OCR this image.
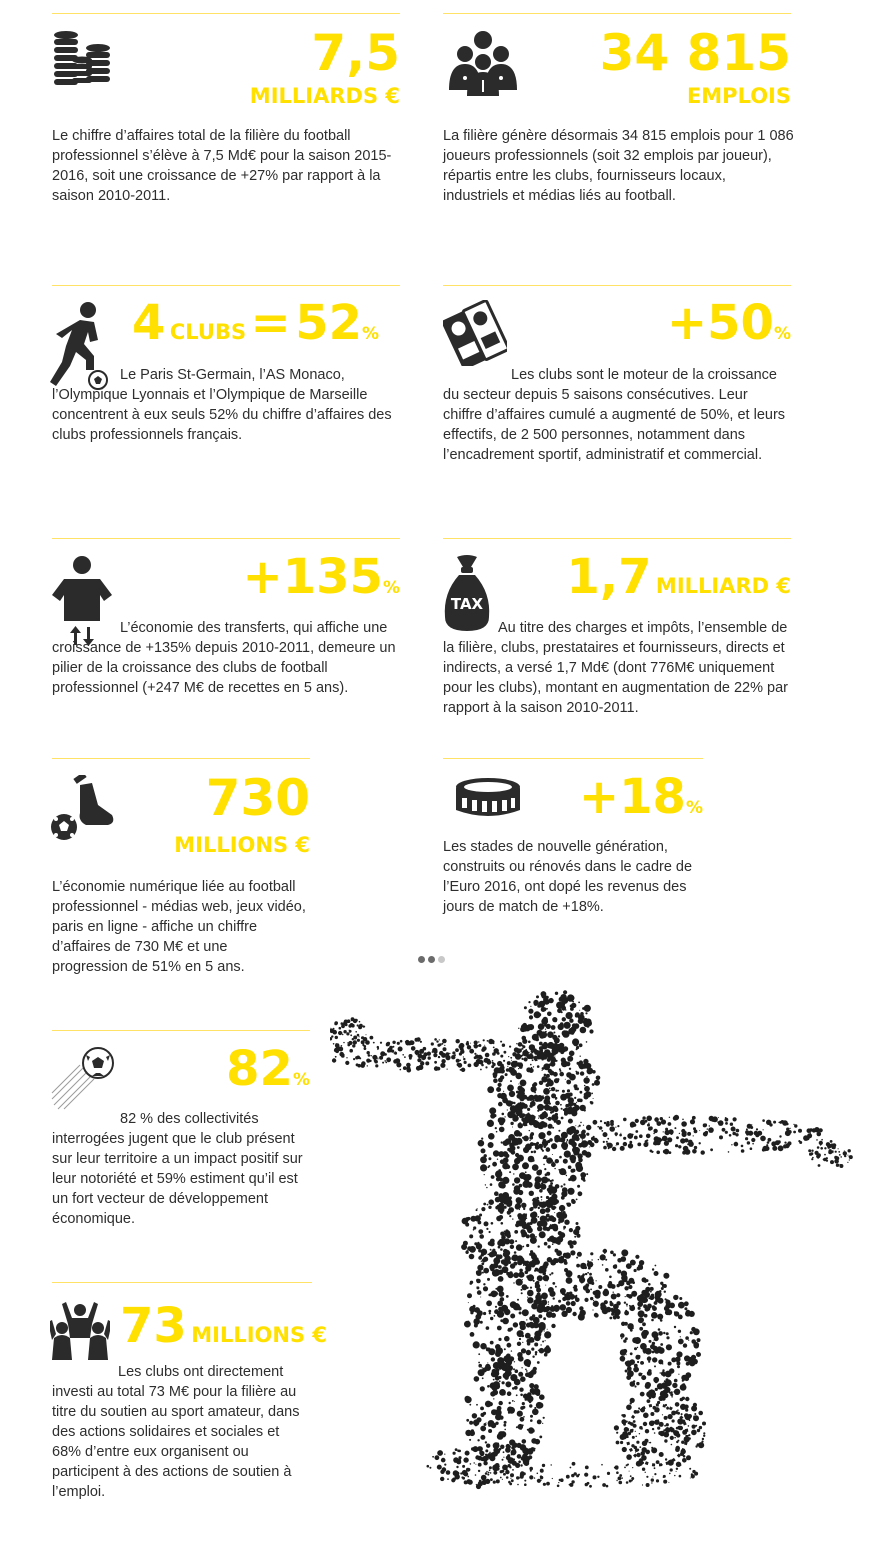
7,5
MILLIARDS €
Le chiffre d’affaires total de la filière du football professionnel s’élève à 7,5 Md€ pour la saison 2015-2016, soit une croissance de +27% par rapport à la saison 2010-2011.
34 815
EMPLOIS
La filière génère désormais 34 815 emplois pour 1 086 joueurs professionnels (soit 32 emplois par joueur), répartis entre les clubs, fournisseurs locaux, industriels et médias liés au football.
4 CLUBS = 52%
Le Paris St-Germain, l’AS Monaco, l’Olympique Lyonnais et l’Olympique de Marseille concentrent à eux seuls 52% du chiffre d’affaires des clubs professionnels français.
+50%
Les clubs sont le moteur de la croissance du secteur depuis 5 saisons consécutives. Leur chiffre d’affaires cumulé a augmenté de 50%, et leurs effectifs, de 2 500 personnes, notamment dans l’encadrement sportif, administratif et commercial.
+135%
L’économie des transferts, qui affiche une croissance de +135% depuis 2010-2011, demeure un pilier de la croissance des clubs de football professionnel (+247 M€ de recettes en 5 ans).
TAX 1,7 MILLIARD €
Au titre des charges et impôts, l’ensemble de la filière, clubs, prestataires et fournisseurs, directs et indirects, a versé 1,7 Md€ (dont 776M€ uniquement pour les clubs), montant en augmentation de 22% par rapport à la saison 2010-2011.
730
MILLIONS €
L’économie numérique liée au football professionnel - médias web, jeux vidéo, paris en ligne - affiche un chiffre d’affaires de 730 M€ et une progression de 51% en 5 ans.
+18%
Les stades de nouvelle génération, construits ou rénovés dans le cadre de l’Euro 2016, ont dopé les revenus des jours de match de +18%.
82%
82 % des collectivités interrogées jugent que le club présent sur leur territoire a un impact positif sur leur notoriété et 59% estiment qu’il est un fort vecteur de développement économique.
73 MILLIONS €
Les clubs ont directement investi au total 73 M€ pour la filière au titre du soutien au sport amateur, dans des actions solidaires et sociales et 68% d’entre eux organisent ou participent à des actions de soutien à l’emploi.
